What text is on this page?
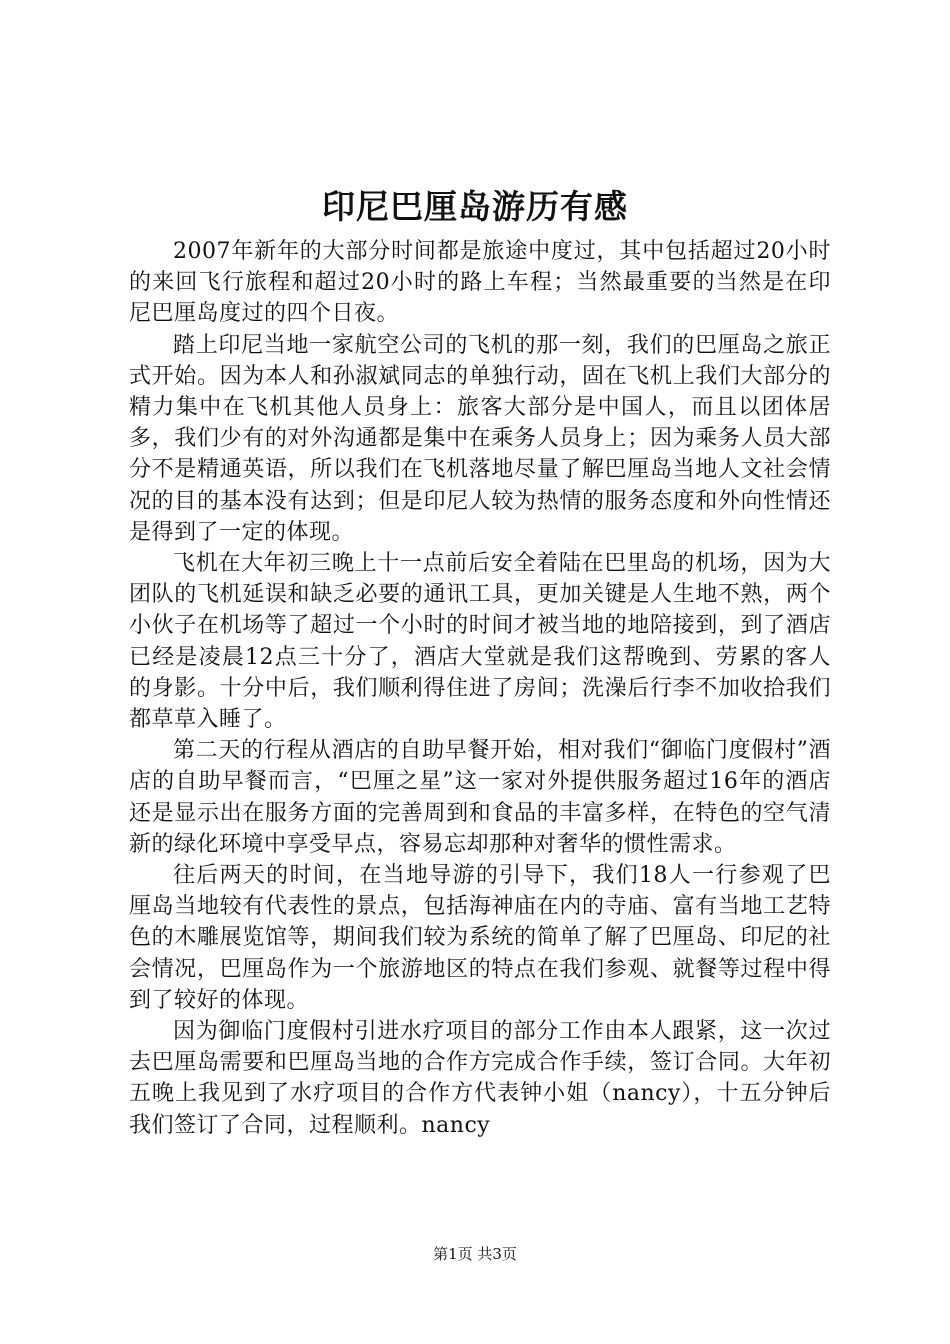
印尼巴厘岛游历有感

2007年新年的大部分时间都是旅途中度过，其中包括超过20小时的来回飞行旅程和超过20小时的路上车程；当然最重要的当然是在印尼巴厘岛度过的四个日夜。

踏上印尼当地一家航空公司的飞机的那一刻，我们的巴厘岛之旅正式开始。因为本人和孙淑斌同志的单独行动，固在飞机上我们大部分的精力集中在飞机其他人员身上：旅客大部分是中国人，而且以团体居多，我们少有的对外沟通都是集中在乘务人员身上；因为乘务人员大部分不是精通英语，所以我们在飞机落地尽量了解巴厘岛当地人文社会情况的目的基本没有达到；但是印尼人较为热情的服务态度和外向性情还是得到了一定的体现。

飞机在大年初三晚上十一点前后安全着陆在巴里岛的机场，因为大团队的飞机延误和缺乏必要的通讯工具，更加关键是人生地不熟，两个小伙子在机场等了超过一个小时的时间才被当地的地陪接到，到了酒店已经是凌晨12点三十分了，酒店大堂就是我们这帮晚到、劳累的客人的身影。十分中后，我们顺利得住进了房间；洗澡后行李不加收拾我们都草草入睡了。

第二天的行程从酒店的自助早餐开始，相对我们“御临门度假村”酒店的自助早餐而言，“巴厘之星”这一家对外提供服务超过16年的酒店还是显示出在服务方面的完善周到和食品的丰富多样，在特色的空气清新的绿化环境中享受早点，容易忘却那种对奢华的惯性需求。

往后两天的时间，在当地导游的引导下，我们18人一行参观了巴厘岛当地较有代表性的景点，包括海神庙在内的寺庙、富有当地工艺特色的木雕展览馆等，期间我们较为系统的简单了解了巴厘岛、印尼的社会情况，巴厘岛作为一个旅游地区的特点在我们参观、就餐等过程中得到了较好的体现。

因为御临门度假村引进水疗项目的部分工作由本人跟紧，这一次过去巴厘岛需要和巴厘岛当地的合作方完成合作手续，签订合同。大年初五晚上我见到了水疗项目的合作方代表钟小姐（nancy），十五分钟后我们签订了合同，过程顺利。nancy

第1页 共3页
